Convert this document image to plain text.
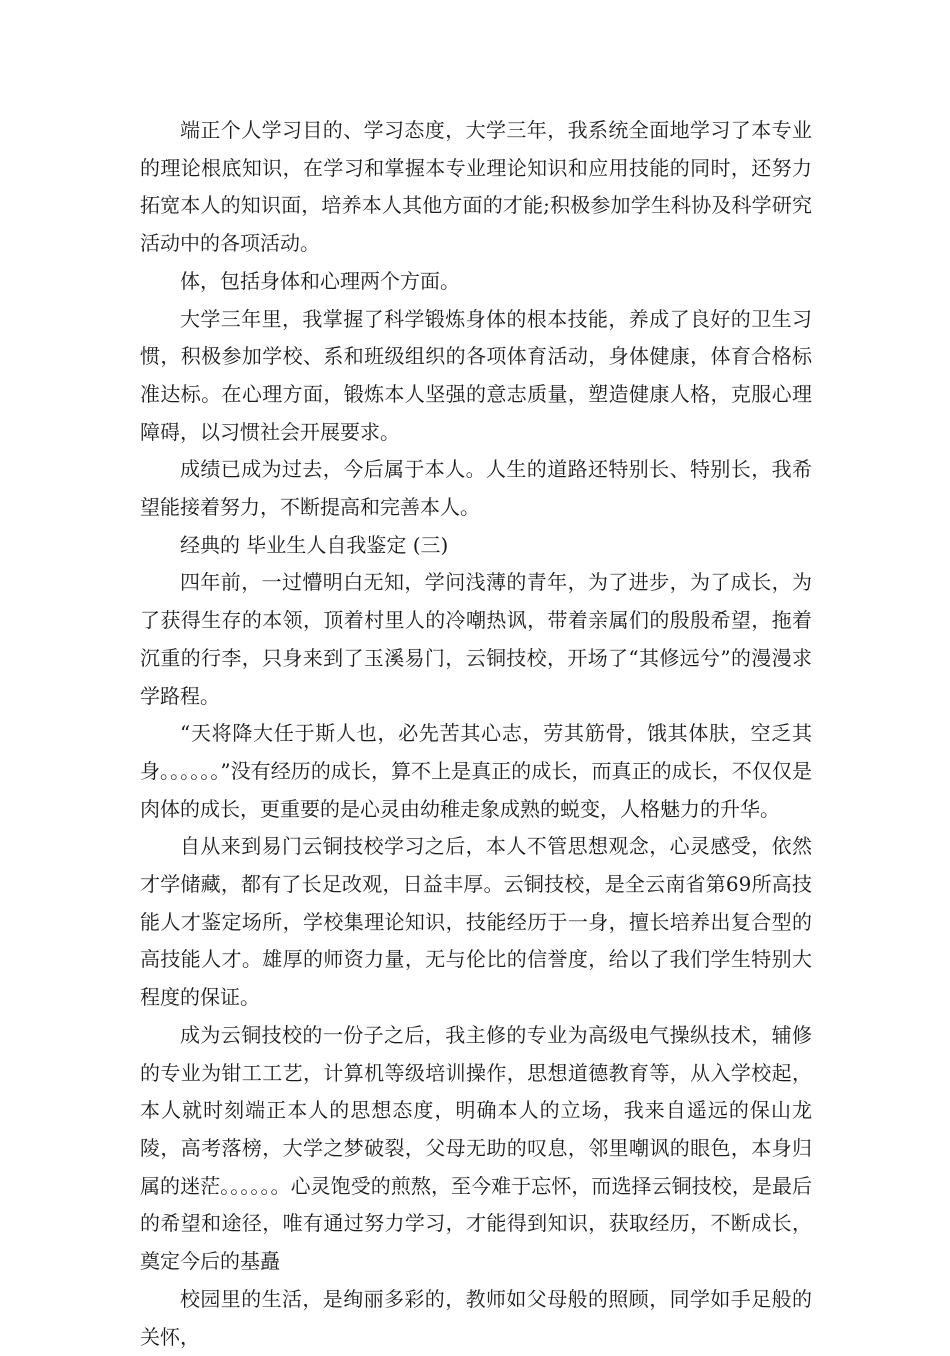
端正个人学习目的、学习态度，大学三年，我系统全面地学习了本专业的理论根底知识，在学习和掌握本专业理论知识和应用技能的同时，还努力拓宽本人的知识面，培养本人其他方面的才能;积极参加学生科协及科学研究活动中的各项活动。

体，包括身体和心理两个方面。

大学三年里，我掌握了科学锻炼身体的根本技能，养成了良好的卫生习惯，积极参加学校、系和班级组织的各项体育活动，身体健康，体育合格标准达标。在心理方面，锻炼本人坚强的意志质量，塑造健康人格，克服心理障碍，以习惯社会开展要求。

成绩已成为过去，今后属于本人。人生的道路还特别长、特别长，我希望能接着努力，不断提高和完善本人。

经典的 毕业生人自我鉴定 (三)

四年前，一过懵明白无知，学问浅薄的青年，为了进步，为了成长，为了获得生存的本领，顶着村里人的冷嘲热讽，带着亲属们的殷殷希望，拖着沉重的行李，只身来到了玉溪易门，云铜技校，开场了“其修远兮”的漫漫求学路程。

“天将降大任于斯人也，必先苦其心志，劳其筋骨，饿其体肤，空乏其身。。。。。。”没有经历的成长，算不上是真正的成长，而真正的成长，不仅仅是肉体的成长，更重要的是心灵由幼稚走象成熟的蜕变，人格魅力的升华。

自从来到易门云铜技校学习之后，本人不管思想观念，心灵感受，依然才学储藏，都有了长足改观，日益丰厚。云铜技校，是全云南省第69所高技能人才鉴定场所，学校集理论知识，技能经历于一身，擅长培养出复合型的高技能人才。雄厚的师资力量，无与伦比的信誉度，给以了我们学生特别大程度的保证。

成为云铜技校的一份子之后，我主修的专业为高级电气操纵技术，辅修的专业为钳工工艺，计算机等级培训操作，思想道德教育等，从入学校起，本人就时刻端正本人的思想态度，明确本人的立场，我来自遥远的保山龙陵，高考落榜，大学之梦破裂，父母无助的叹息，邻里嘲讽的眼色，本身归属的迷茫。。。。。。心灵饱受的煎熬，至今难于忘怀，而选择云铜技校，是最后的希望和途径，唯有通过努力学习，才能得到知识，获取经历，不断成长，奠定今后的基矗

校园里的生活，是绚丽多彩的，教师如父母般的照顾，同学如手足般的关怀，
